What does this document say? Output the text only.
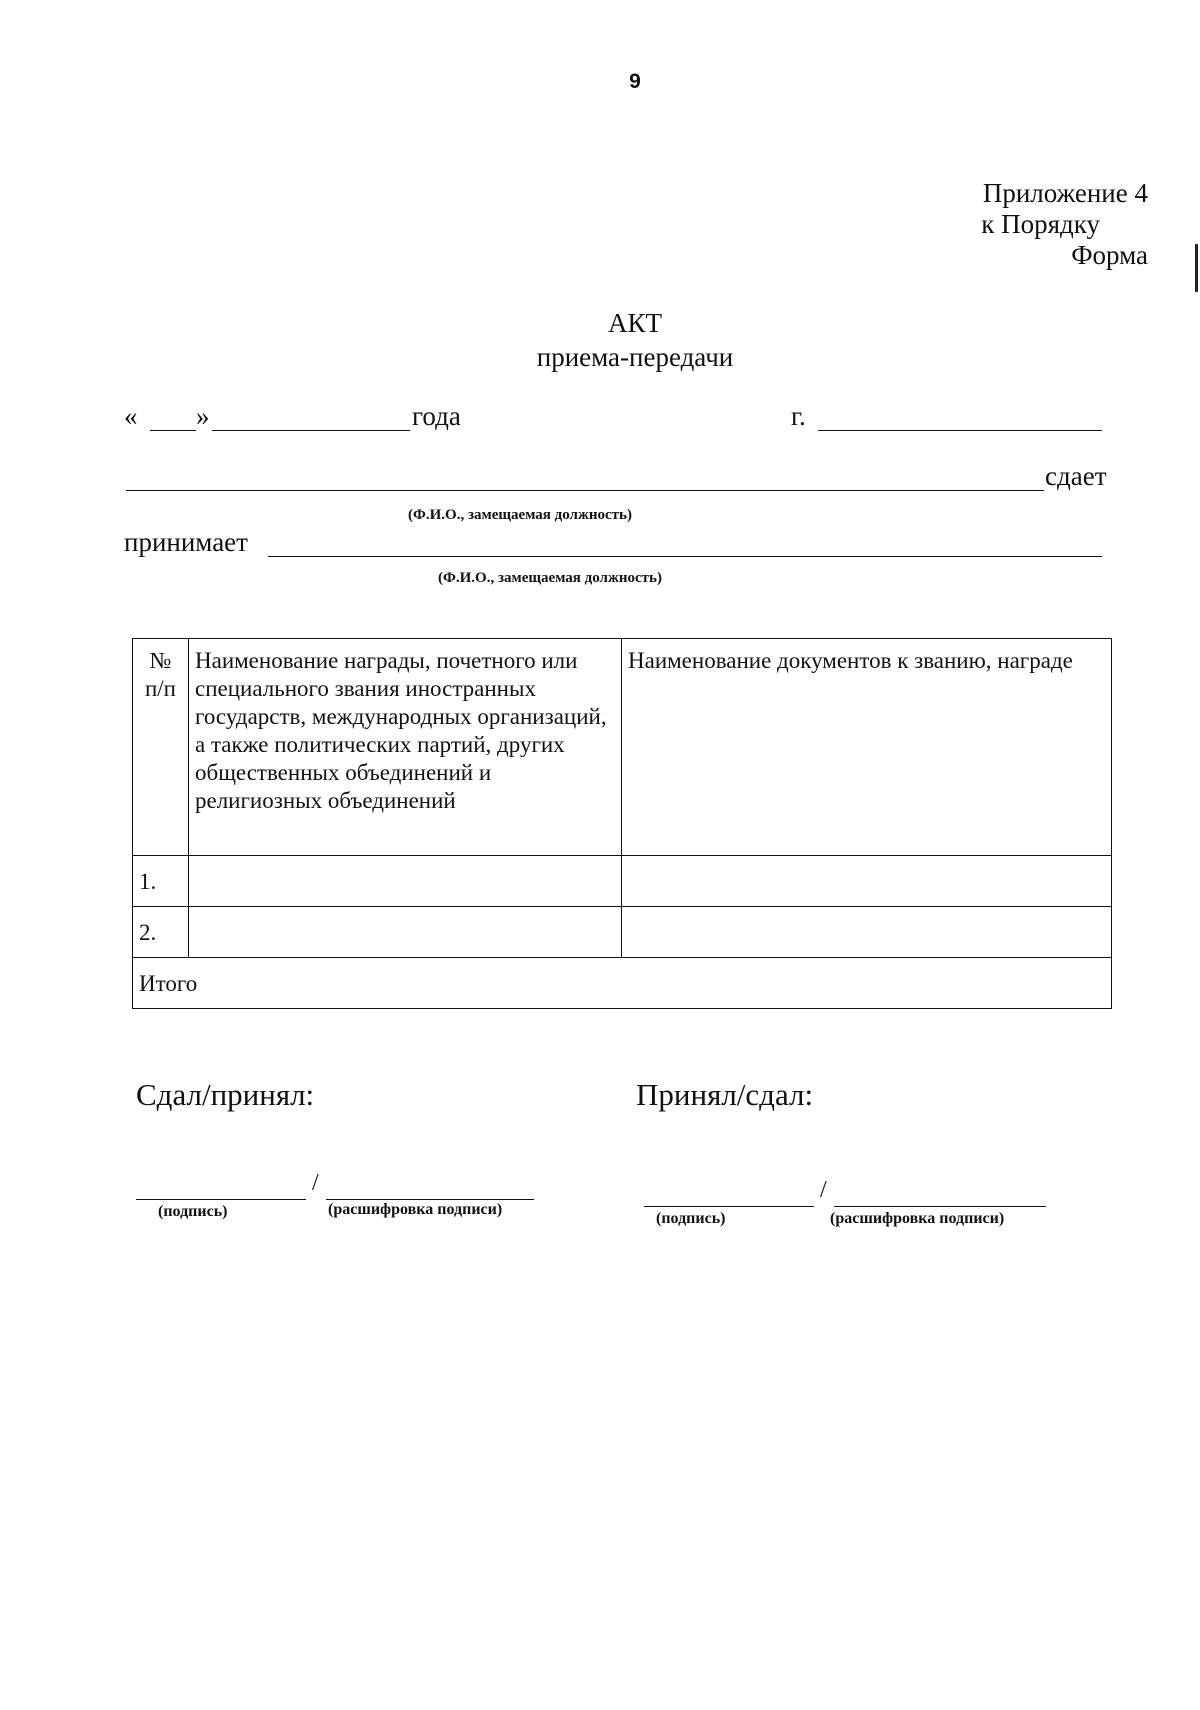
9
Приложение 4
к Порядку
Форма
АКТ
приема-передачи
« »	года	г.
сдает
(Ф.И.О., замещаемая должность)
принимает
(Ф.И.О., замещаемая должность)
№ п/п	Наименование награды, почетного или специального звания иностранных государств, международных организаций, а также политических партий, других общественных объединений и религиозных объединений	Наименование документов к званию, награде
1.		
2.		
Итого		
Сдал/принял:
/
(подпись)	(расшифровка подписи)
Принял/сдал:
/
(подпись)	(расшифровка подписи)
